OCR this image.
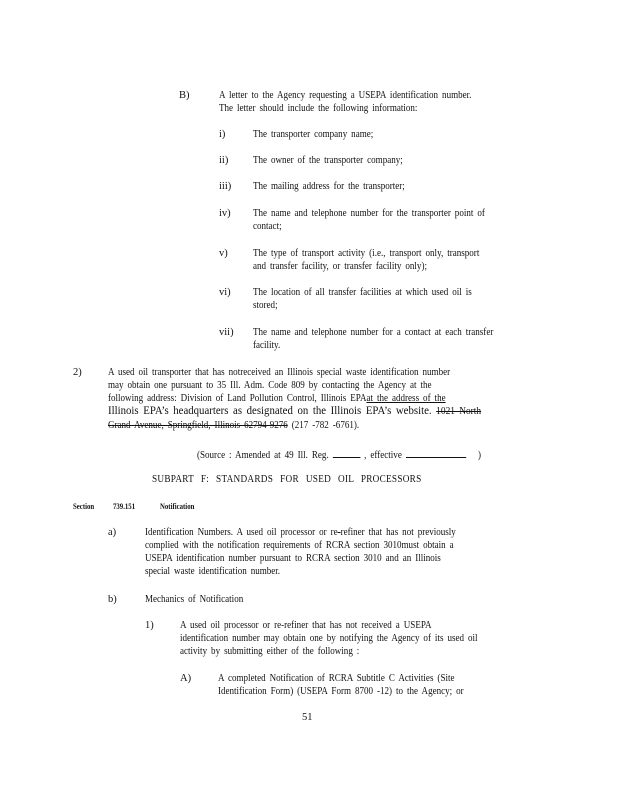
B)	A letter to the Agency requesting a USEPA identification number.
The letter should include the following information:
i)	The transporter company name;
ii) The owner of the transporter company;
iii) The mailing address for the transporter;
iv) The name and telephone number for the transporter point of
contact;
v) The type of transport activity (i.e., transport only, transport
and transfer facility, or transfer facility only);
vi) The location of all transfer facilities at which used oil is
stored;
vii) The name and telephone number for a contact at each transfer
facility.
2)	A used oil transporter that has notreceived an Illinois special waste identification number
may obtain one pursuant to 35 Ill. Adm. Code 809 by contacting the Agency at the
following address: Division of Land Pollution Control, Illinois EPAat the address of the
Illinois EPA’s headquarters as designated on the Illinois EPA’s website. 1021 North
Grand Avenue, Springfield, Illinois 62794-9276 (217 -782 -6761).
(Source : Amended at 49 Ill. Reg.	, effective	)
SUBPART F: STANDARDS FOR USED OIL PROCESSORS
Section 739.151	Notification
a)	Identification Numbers. A used oil processor or re-refiner that has not previously
complied with the notification requirements of RCRA section 3010must obtain a
USEPA identification number pursuant to RCRA section 3010 and an Illinois
special waste identification number.
b)	Mechanics of Notification
1)	A used oil processor or re-refiner that has not received a USEPA
identification number may obtain one by notifying the Agency of its used oil
activity by submitting either of the following :
A)	A completed Notification of RCRA Subtitle C Activities (Site
Identification Form) (USEPA Form 8700 -12) to the Agency; or
51
